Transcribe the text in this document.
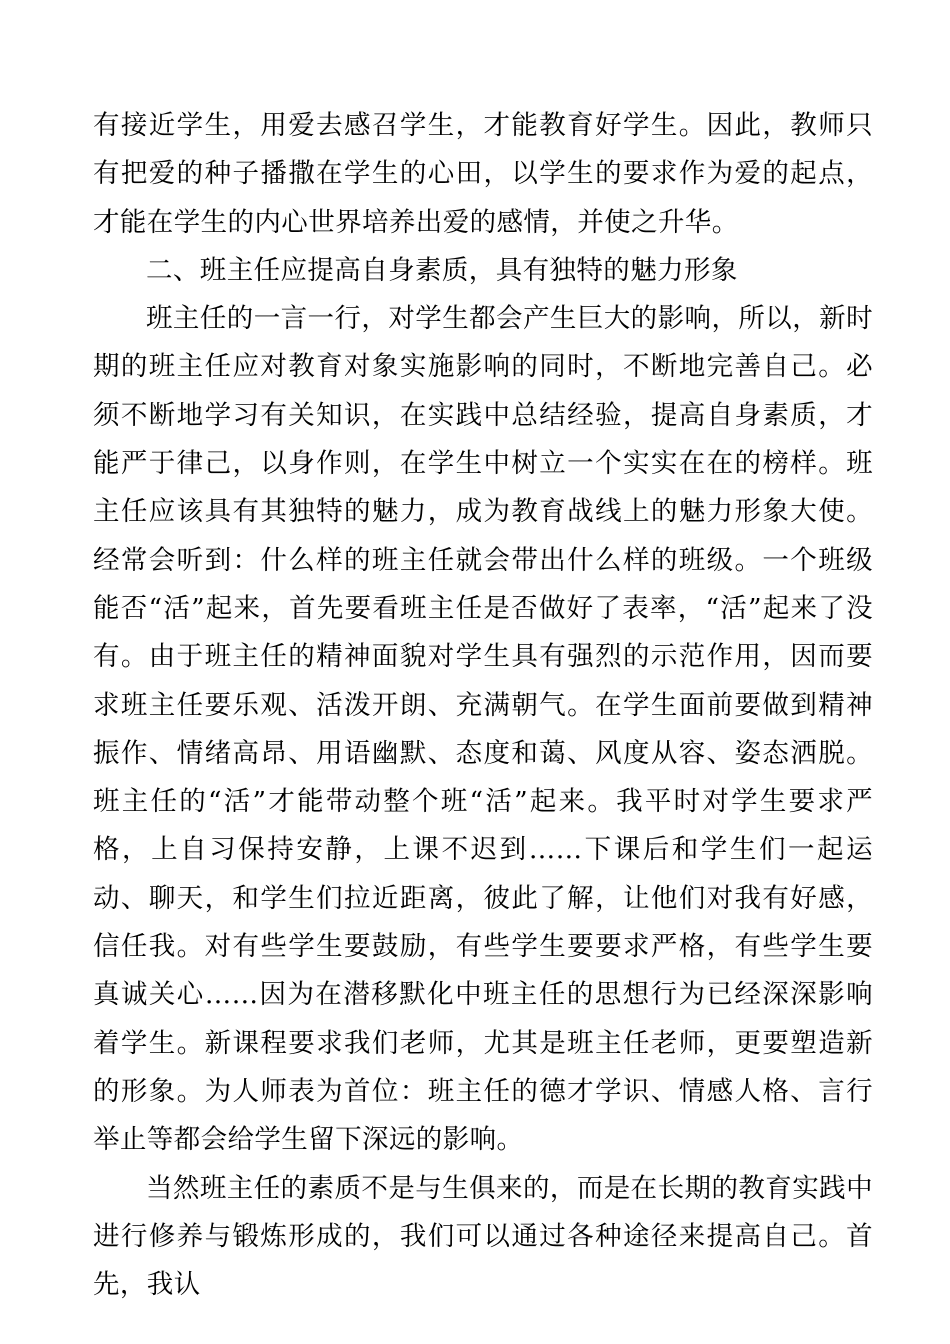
有接近学生，用爱去感召学生，才能教育好学生。因此，教师只有把爱的种子播撒在学生的心田，以学生的要求作为爱的起点，才能在学生的内心世界培养出爱的感情，并使之升华。

二、班主任应提高自身素质，具有独特的魅力形象

班主任的一言一行，对学生都会产生巨大的影响，所以，新时期的班主任应对教育对象实施影响的同时，不断地完善自己。必须不断地学习有关知识，在实践中总结经验，提高自身素质，才能严于律己，以身作则，在学生中树立一个实实在在的榜样。班主任应该具有其独特的魅力，成为教育战线上的魅力形象大使。经常会听到：什么样的班主任就会带出什么样的班级。一个班级能否“活”起来，首先要看班主任是否做好了表率，“活”起来了没有。由于班主任的精神面貌对学生具有强烈的示范作用，因而要求班主任要乐观、活泼开朗、充满朝气。在学生面前要做到精神振作、情绪高昂、用语幽默、态度和蔼、风度从容、姿态洒脱。班主任的“活”才能带动整个班“活”起来。我平时对学生要求严格，上自习保持安静，上课不迟到……下课后和学生们一起运动、聊天，和学生们拉近距离，彼此了解，让他们对我有好感，信任我。对有些学生要鼓励，有些学生要要求严格，有些学生要真诚关心……因为在潜移默化中班主任的思想行为已经深深影响着学生。新课程要求我们老师，尤其是班主任老师，更要塑造新的形象。为人师表为首位：班主任的德才学识、情感人格、言行举止等都会给学生留下深远的影响。

当然班主任的素质不是与生俱来的，而是在长期的教育实践中进行修养与锻炼形成的，我们可以通过各种途径来提高自己。首先，我认
